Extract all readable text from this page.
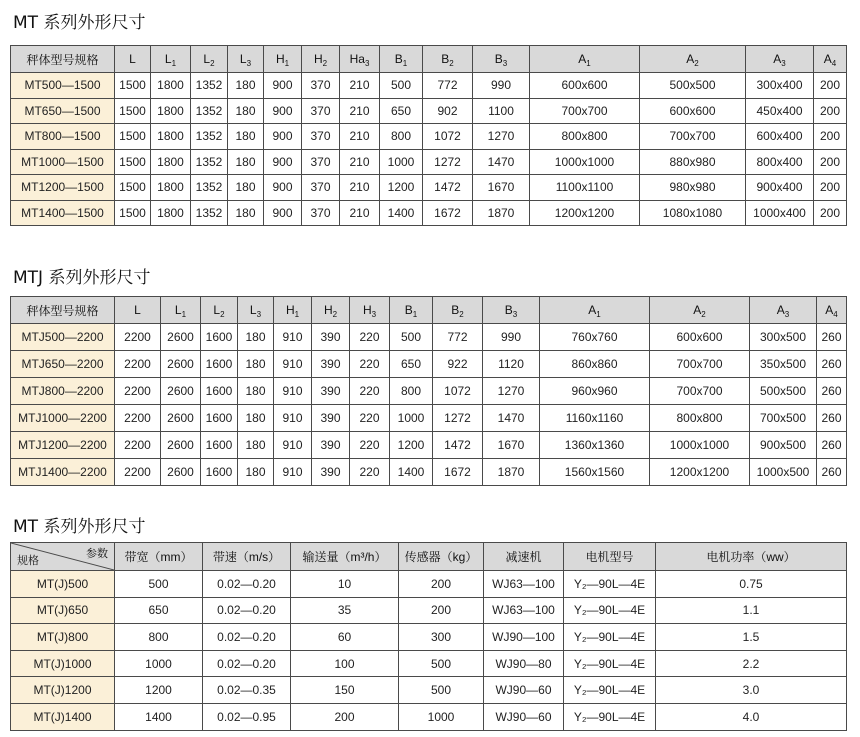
MT 系列外形尺寸
秤体型号规格	L	$L_1$	$L_2$	$L_3$	$H_1$	$H_2$	$Ha_3$	$B_1$	$B_2$	$B_3$	$A_1$	$A_2$	$A_3$	$A_4$
MT500—1500	1500	1800	1352	180	900	370	210	500	772	990	600x600	500x500	300x400	200
MT650—1500	1500	1800	1352	180	900	370	210	650	902	1100	700x700	600x600	450x400	200
MT800—1500	1500	1800	1352	180	900	370	210	800	1072	1270	800x800	700x700	600x400	200
MT1000—1500	1500	1800	1352	180	900	370	210	1000	1272	1470	1000x1000	880x980	800x400	200
MT1200—1500	1500	1800	1352	180	900	370	210	1200	1472	1670	1100x1100	980x980	900x400	200
MT1400—1500	1500	1800	1352	180	900	370	210	1400	1672	1870	1200x1200	1080x1080	1000x400	200
MTJ 系列外形尺寸
秤体型号规格	L	$L_1$	$L_2$	$L_3$	$H_1$	$H_2$	$H_3$	$B_1$	$B_2$	$B_3$	$A_1$	$A_2$	$A_3$	$A_4$
MTJ500—2200	2200	2600	1600	180	910	390	220	500	772	990	760x760	600x600	300x500	260
MTJ650—2200	2200	2600	1600	180	910	390	220	650	922	1120	860x860	700x700	350x500	260
MTJ800—2200	2200	2600	1600	180	910	390	220	800	1072	1270	960x960	700x700	500x500	260
MTJ1000—2200	2200	2600	1600	180	910	390	220	1000	1272	1470	1160x1160	800x800	700x500	260
MTJ1200—2200	2200	2600	1600	180	910	390	220	1200	1472	1670	1360x1360	1000x1000	900x500	260
MTJ1400—2200	2200	2600	1600	180	910	390	220	1400	1672	1870	1560x1560	1200x1200	1000x500	260
MT 系列外形尺寸
参数
规格	带宽（mm）	带速（m/s）	输送量（m³/h）	传感器（kg）	减速机	电机型号	电机功率（ww）
MT(J)500	500	0.02—0.20	10	200	WJ63—100	Y₂—90L—4E	0.75
MT(J)650	650	0.02—0.20	35	200	WJ63—100	Y₂—90L—4E	1.1
MT(J)800	800	0.02—0.20	60	300	WJ90—100	Y₂—90L—4E	1.5
MT(J)1000	1000	0.02—0.20	100	500	WJ90—80	Y₂—90L—4E	2.2
MT(J)1200	1200	0.02—0.35	150	500	WJ90—60	Y₂—90L—4E	3.0
MT(J)1400	1400	0.02—0.95	200	1000	WJ90—60	Y₂—90L—4E	4.0
